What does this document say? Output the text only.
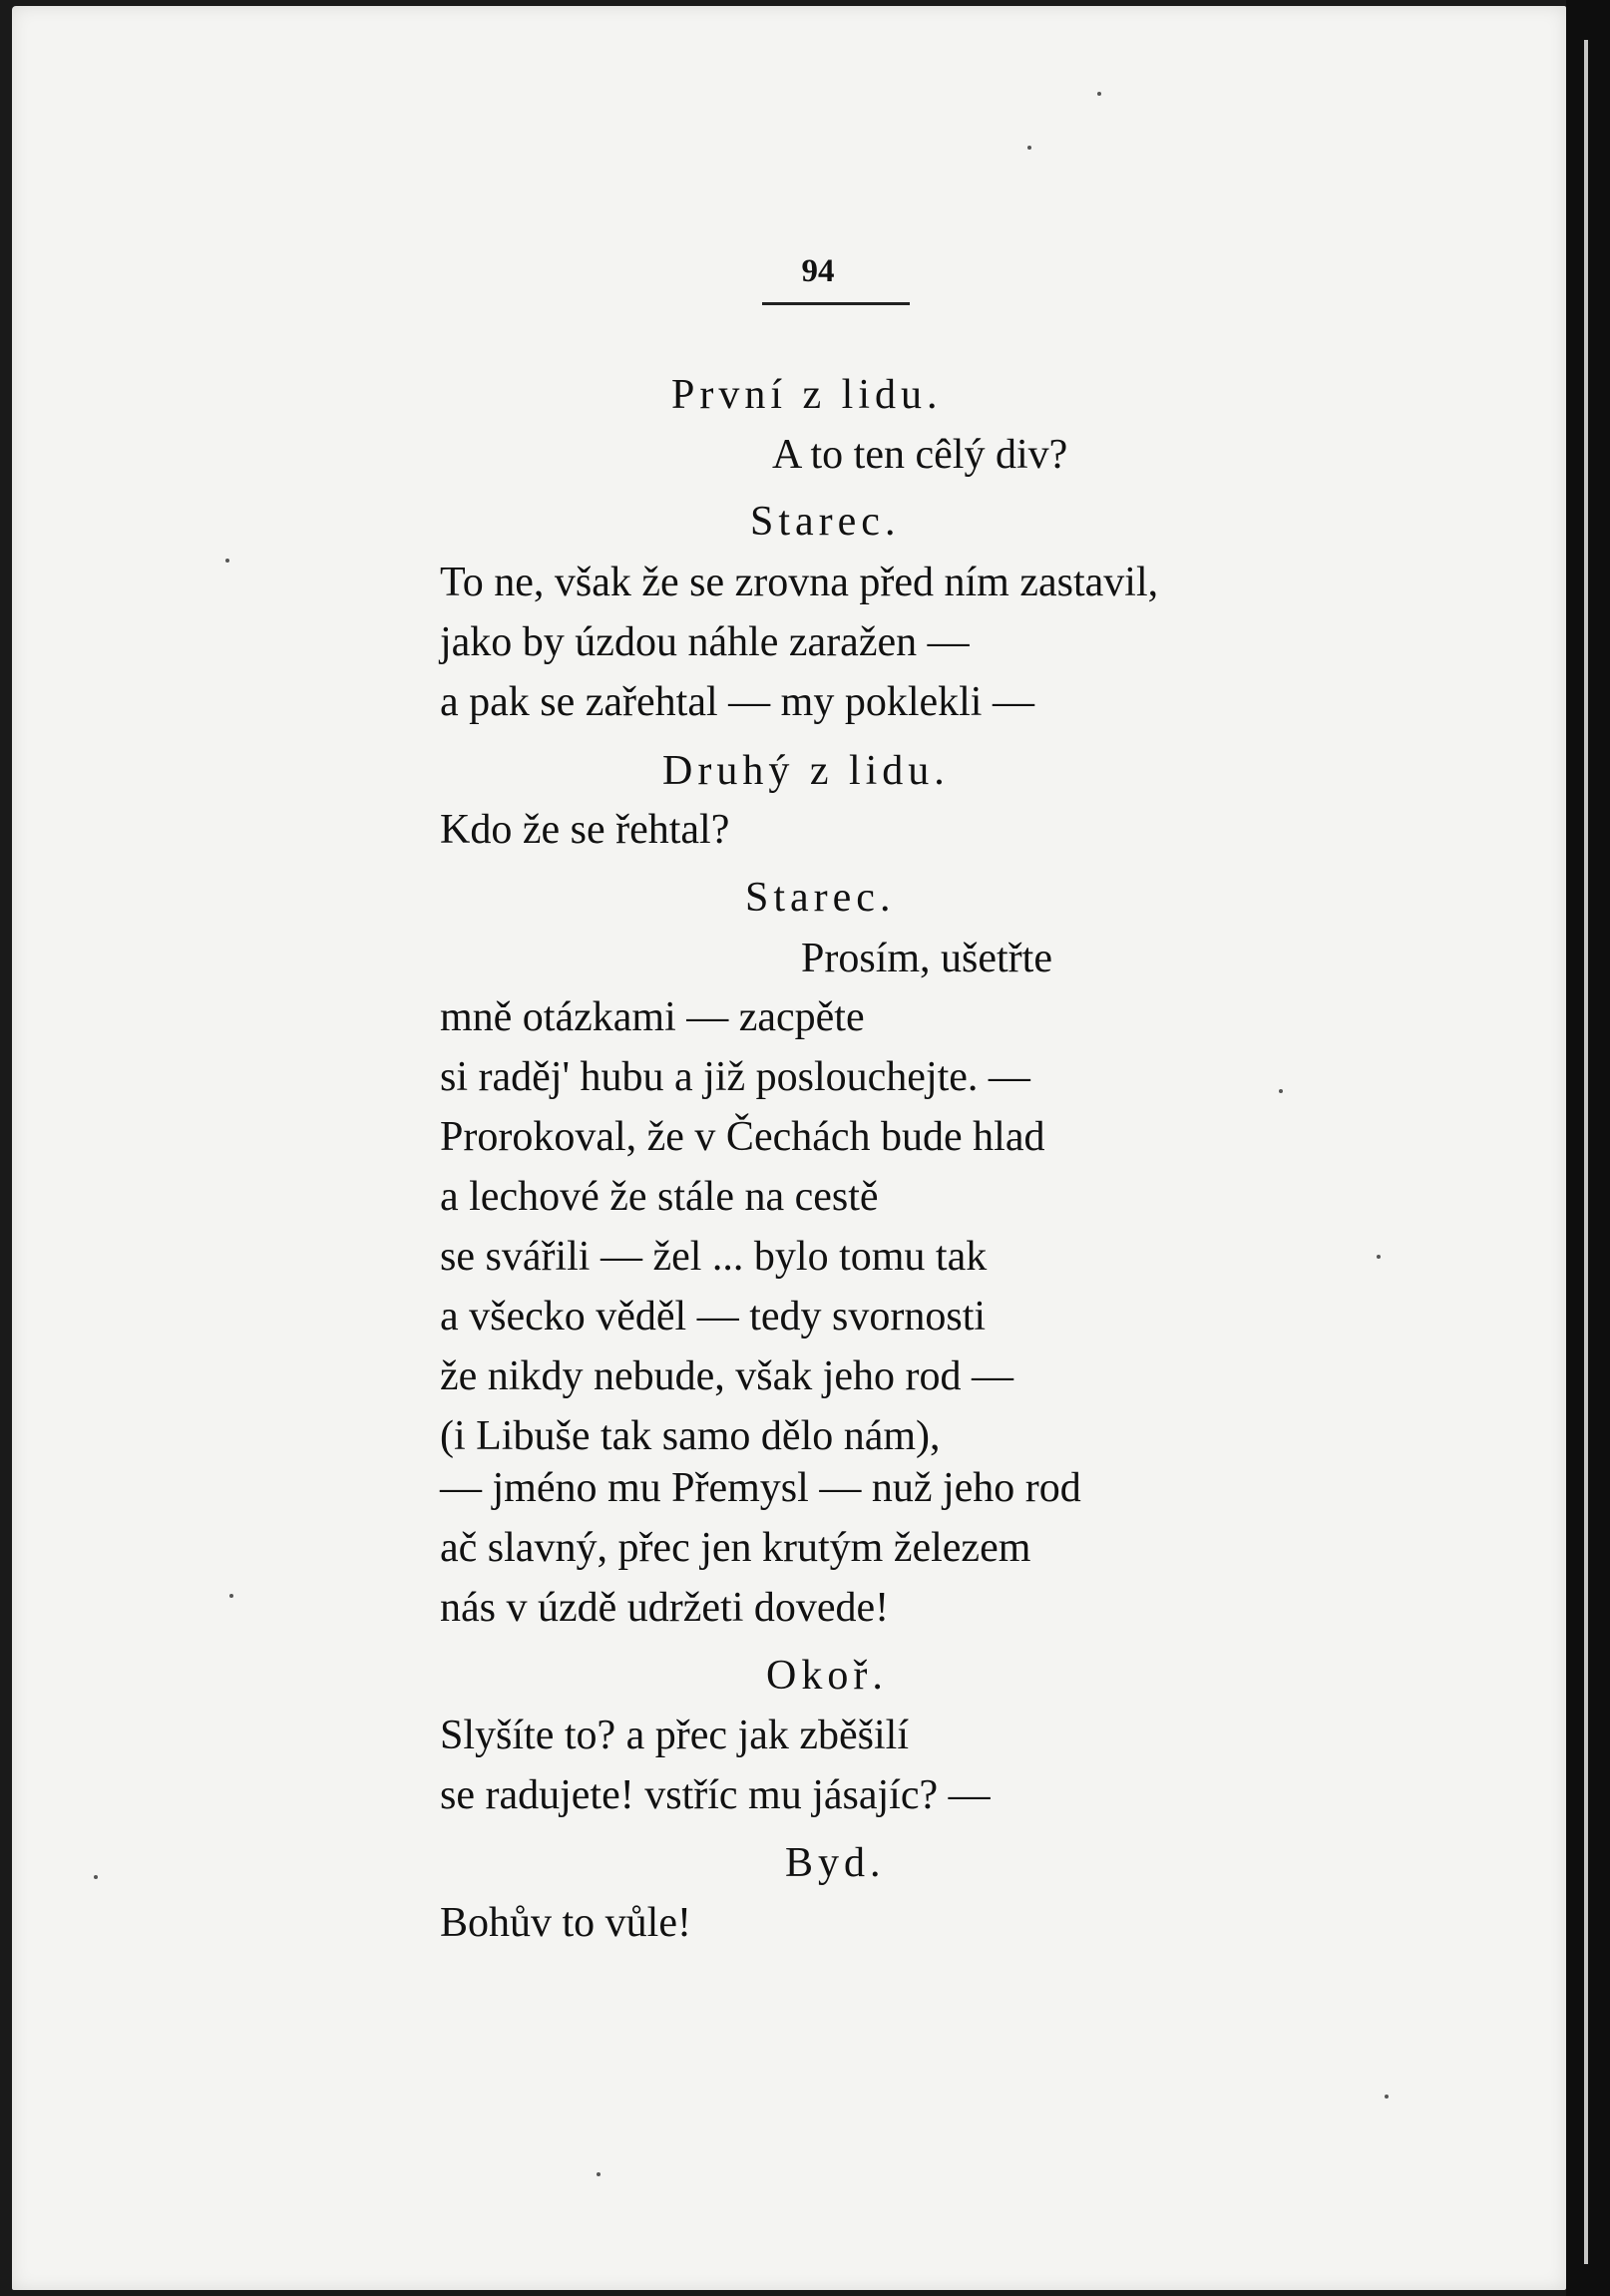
94
První z lidu.
A to ten cêlý div?
Starec.
To ne, však že se zrovna před ním zastavil,
jako by úzdou náhle zaražen —
a pak se zařehtal — my poklekli —
Druhý z lidu.
Kdo že se řehtal?
Starec.
Prosím, ušetřte
mně otázkami — zacpěte
si raděj' hubu a již poslouchejte. —
Prorokoval, že v Čechách bude hlad
a lechové že stále na cestě
se svářili — žel ... bylo tomu tak
a všecko věděl — tedy svornosti
že nikdy nebude, však jeho rod —
(i Libuše tak samo dělo nám),
— jméno mu Přemysl — nuž jeho rod
ač slavný, přec jen krutým železem
nás v úzdě udržeti dovede!
Okoř.
Slyšíte to? a přec jak zběšilí
se radujete! vstříc mu jásajíc? —
Byd.
Bohův to vůle!
